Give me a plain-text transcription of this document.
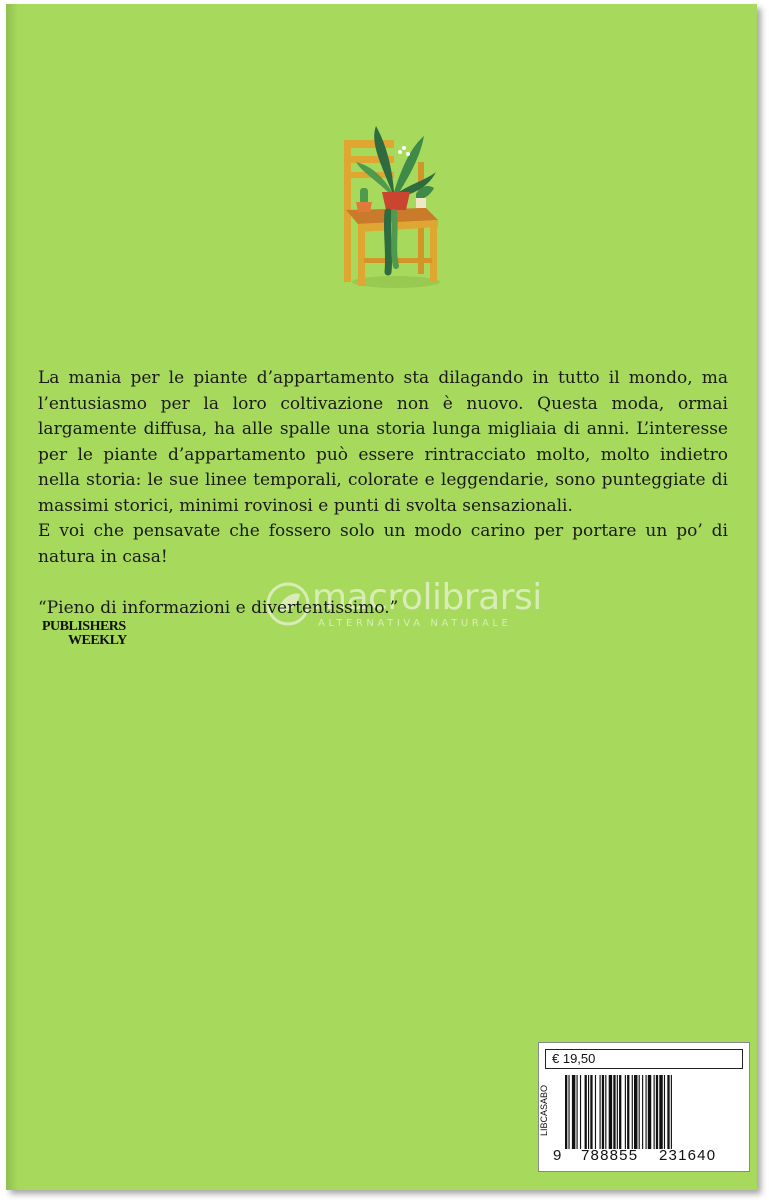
La mania per le piante d’appartamento sta dilagando in tutto il mondo, ma l’entusiasmo per la loro coltivazione non è nuovo. Questa moda, ormai largamente diffusa, ha alle spalle una storia lunga migliaia di anni. L’interesse per le piante d’appartamento può essere rintracciato molto, molto indietro nella storia: le sue linee temporali, colorate e leggendarie, sono punteggiate di massimi storici, minimi rovinosi e punti di svolta sensazionali.

E voi che pensavate che fossero solo un modo carino per portare un po’ di natura in casa!

macrolibrarsi
ALTERNATIVA NATURALE
“Pieno di informazioni e divertentissimo.”
PUBLISHERS
WEEKLY
€ 19,50
LIBCASABO
9 788855 231640
